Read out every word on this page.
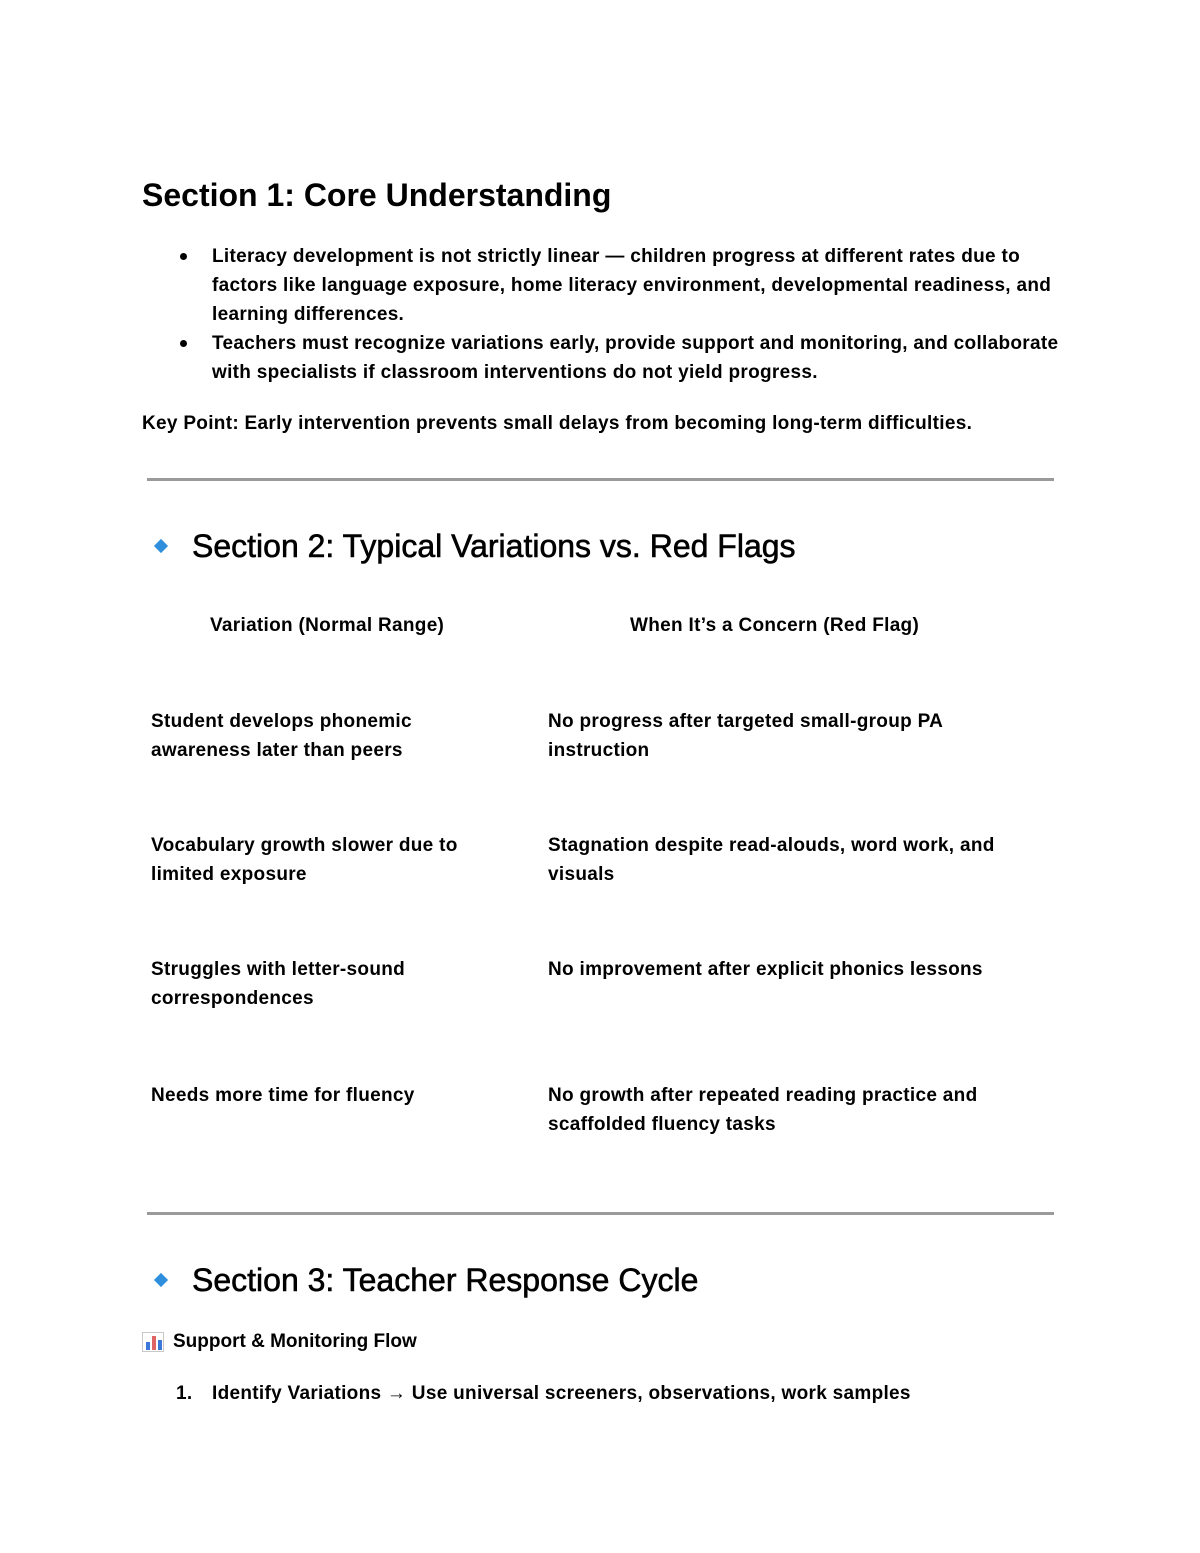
Section 1: Core Understanding
Literacy development is not strictly linear — children progress at different rates due to factors like language exposure, home literacy environment, developmental readiness, and learning differences.
Teachers must recognize variations early, provide support and monitoring, and collaborate with specialists if classroom interventions do not yield progress.

Key Point: Early intervention prevents small delays from becoming long-term difficulties.

Section 2: Typical Variations vs. Red Flags
Variation (Normal Range)	When It’s a Concern (Red Flag)
Student develops phonemic awareness later than peers
No progress after targeted small-group PA instruction
Vocabulary growth slower due to limited exposure
Stagnation despite read-alouds, word work, and visuals
Struggles with letter-sound correspondences
No improvement after explicit phonics lessons
Needs more time for fluency	No growth after repeated reading practice and scaffolded fluency tasks
Section 3: Teacher Response Cycle
Support & Monitoring Flow
1. Identify Variations → Use universal screeners, observations, work samples
